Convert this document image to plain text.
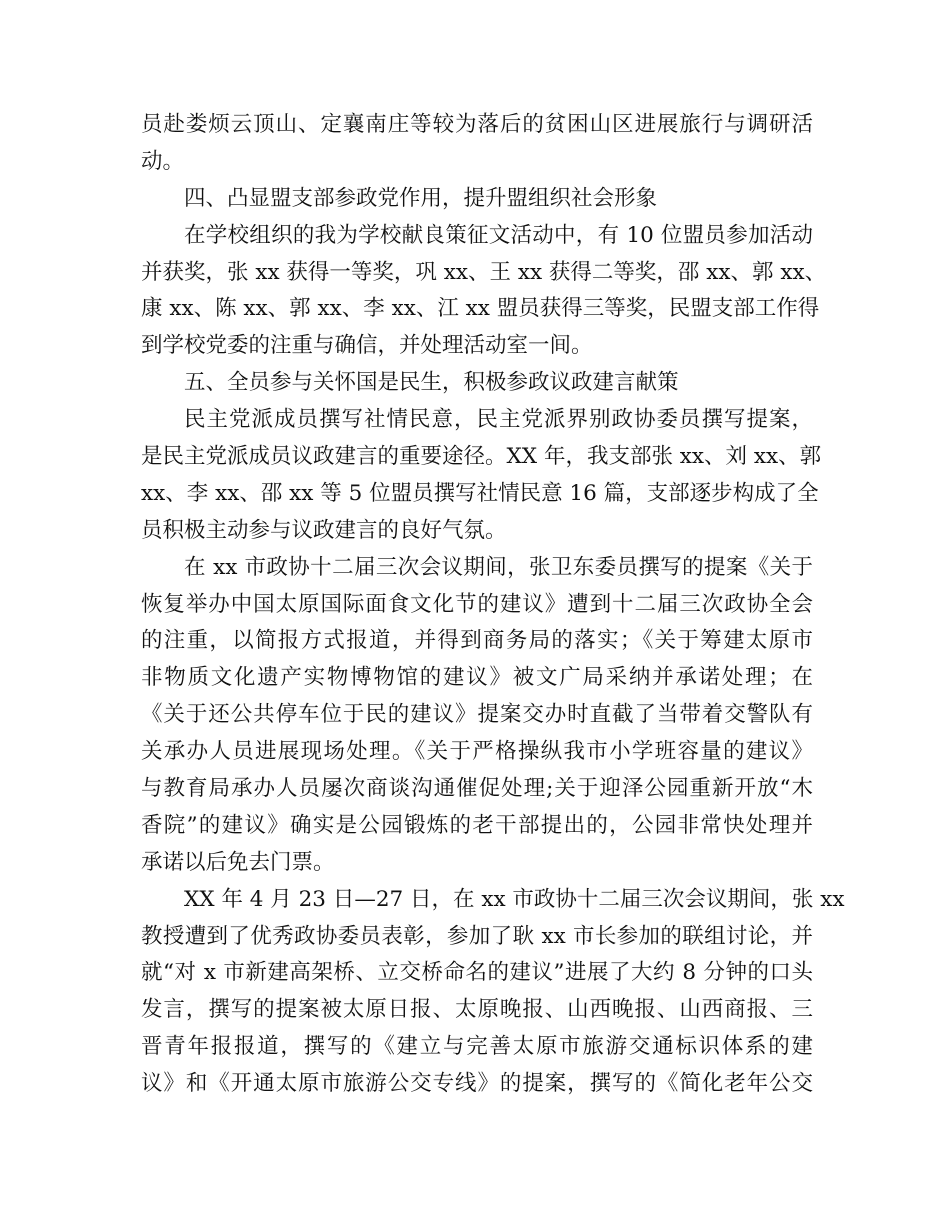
员赴娄烦云顶山、定襄南庄等较为落后的贫困山区进展旅行与调研活
动。
四、凸显盟支部参政党作用，提升盟组织社会形象
在学校组织的我为学校献良策征文活动中，有 10 位盟员参加活动
并获奖，张 xx 获得一等奖，巩 xx、王 xx 获得二等奖，邵 xx、郭 xx、
康 xx、陈 xx、郭 xx、李 xx、江 xx 盟员获得三等奖，民盟支部工作得
到学校党委的注重与确信，并处理活动室一间。
五、全员参与关怀国是民生，积极参政议政建言献策
民主党派成员撰写社情民意，民主党派界别政协委员撰写提案，
是民主党派成员议政建言的重要途径。XX 年，我支部张 xx、刘 xx、郭
xx、李 xx、邵 xx 等 5 位盟员撰写社情民意 16 篇，支部逐步构成了全
员积极主动参与议政建言的良好气氛。
在 xx 市政协十二届三次会议期间，张卫东委员撰写的提案《关于
恢复举办中国太原国际面食文化节的建议》遭到十二届三次政协全会
的注重，以简报方式报道，并得到商务局的落实；《关于筹建太原市
非物质文化遗产实物博物馆的建议》被文广局采纳并承诺处理；在
《关于还公共停车位于民的建议》提案交办时直截了当带着交警队有
关承办人员进展现场处理。《关于严格操纵我市小学班容量的建议》
与教育局承办人员屡次商谈沟通催促处理;关于迎泽公园重新开放“木
香院”的建议》确实是公园锻炼的老干部提出的，公园非常快处理并
承诺以后免去门票。
XX 年 4 月 23 日—27 日，在 xx 市政协十二届三次会议期间，张 xx
教授遭到了优秀政协委员表彰，参加了耿 xx 市长参加的联组讨论，并
就“对 x 市新建高架桥、立交桥命名的建议”进展了大约 8 分钟的口头
发言，撰写的提案被太原日报、太原晚报、山西晚报、山西商报、三
晋青年报报道，撰写的《建立与完善太原市旅游交通标识体系的建
议》和《开通太原市旅游公交专线》的提案，撰写的《简化老年公交
